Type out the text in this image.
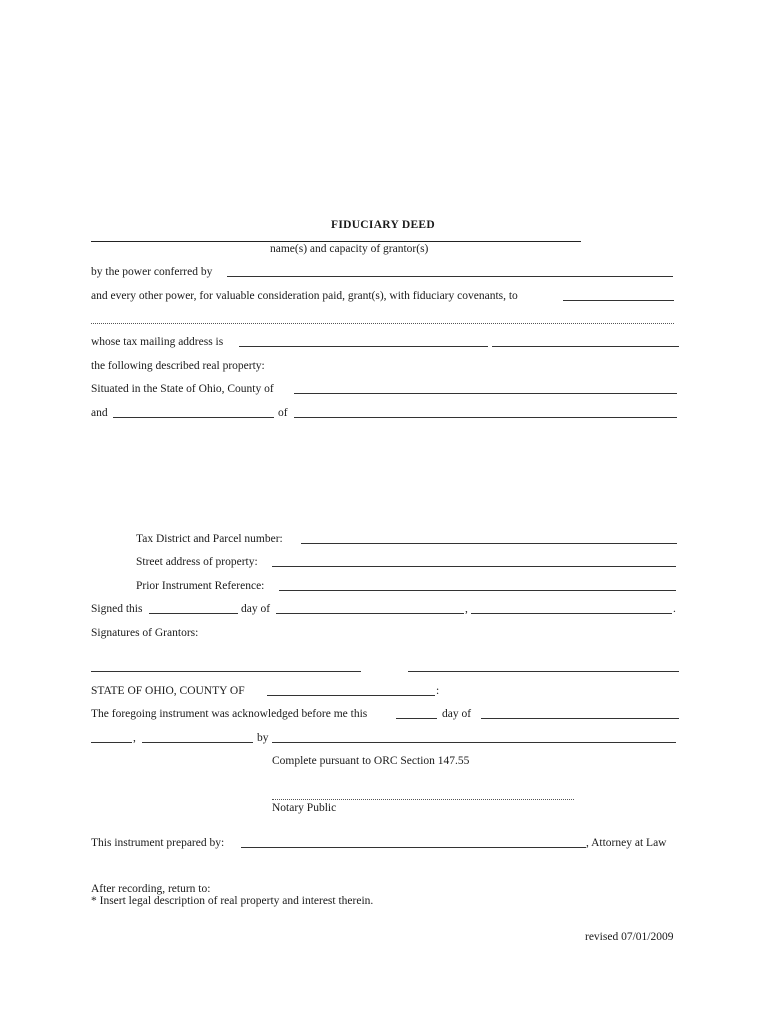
FIDUCIARY DEED
name(s) and capacity of grantor(s)
by the power conferred by
and every other power, for valuable consideration paid, grant(s), with fiduciary covenants, to
whose tax mailing address is
the following described real property:
Situated in the State of Ohio, County of
and	of
Tax District and Parcel number:
Street address of property:
Prior Instrument Reference:
Signed this	day of	,	.
Signatures of Grantors:
STATE OF OHIO, COUNTY OF	:
The foregoing instrument was acknowledged before me this	day of
,	by
Complete pursuant to ORC Section 147.55
Notary Public
This instrument prepared by:	, Attorney at Law
After recording, return to:
* Insert legal description of real property and interest therein.
revised 07/01/2009
